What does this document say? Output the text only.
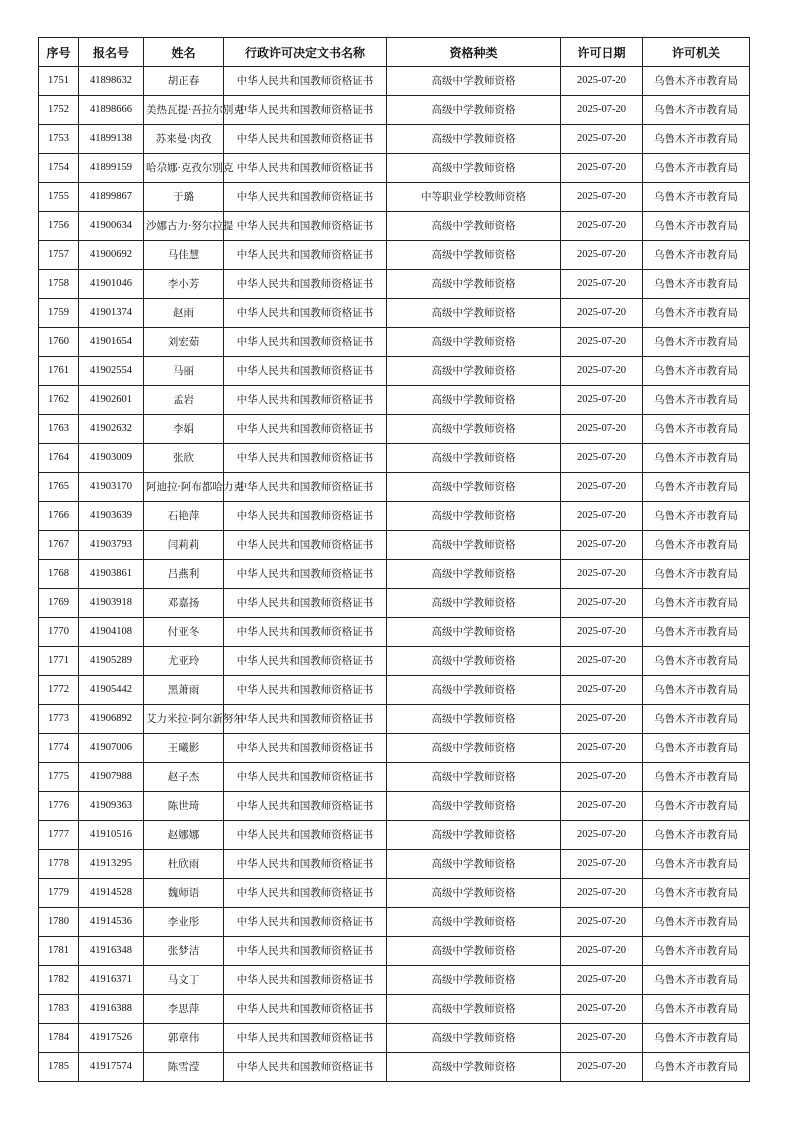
序号	报名号	姓名	行政许可决定文书名称	资格种类	许可日期	许可机关
1751	41898632	胡正春	中华人民共和国教师资格证书	高级中学教师资格	2025-07-20	乌鲁木齐市教育局
1752	41898666	美热瓦提·吾拉尔别克	中华人民共和国教师资格证书	高级中学教师资格	2025-07-20	乌鲁木齐市教育局
1753	41899138	苏来曼·肉孜	中华人民共和国教师资格证书	高级中学教师资格	2025-07-20	乌鲁木齐市教育局
1754	41899159	哈尕娜·克孜尔别克	中华人民共和国教师资格证书	高级中学教师资格	2025-07-20	乌鲁木齐市教育局
1755	41899867	于璐	中华人民共和国教师资格证书	中等职业学校教师资格	2025-07-20	乌鲁木齐市教育局
1756	41900634	沙娜古力·努尔拉提	中华人民共和国教师资格证书	高级中学教师资格	2025-07-20	乌鲁木齐市教育局
1757	41900692	马佳慧	中华人民共和国教师资格证书	高级中学教师资格	2025-07-20	乌鲁木齐市教育局
1758	41901046	李小芳	中华人民共和国教师资格证书	高级中学教师资格	2025-07-20	乌鲁木齐市教育局
1759	41901374	赵雨	中华人民共和国教师资格证书	高级中学教师资格	2025-07-20	乌鲁木齐市教育局
1760	41901654	刘宏茹	中华人民共和国教师资格证书	高级中学教师资格	2025-07-20	乌鲁木齐市教育局
1761	41902554	马丽	中华人民共和国教师资格证书	高级中学教师资格	2025-07-20	乌鲁木齐市教育局
1762	41902601	孟岩	中华人民共和国教师资格证书	高级中学教师资格	2025-07-20	乌鲁木齐市教育局
1763	41902632	李娟	中华人民共和国教师资格证书	高级中学教师资格	2025-07-20	乌鲁木齐市教育局
1764	41903009	张欣	中华人民共和国教师资格证书	高级中学教师资格	2025-07-20	乌鲁木齐市教育局
1765	41903170	阿迪拉·阿布都哈力克	中华人民共和国教师资格证书	高级中学教师资格	2025-07-20	乌鲁木齐市教育局
1766	41903639	石艳萍	中华人民共和国教师资格证书	高级中学教师资格	2025-07-20	乌鲁木齐市教育局
1767	41903793	闫莉莉	中华人民共和国教师资格证书	高级中学教师资格	2025-07-20	乌鲁木齐市教育局
1768	41903861	吕燕利	中华人民共和国教师资格证书	高级中学教师资格	2025-07-20	乌鲁木齐市教育局
1769	41903918	邓嘉扬	中华人民共和国教师资格证书	高级中学教师资格	2025-07-20	乌鲁木齐市教育局
1770	41904108	付亚冬	中华人民共和国教师资格证书	高级中学教师资格	2025-07-20	乌鲁木齐市教育局
1771	41905289	尤亚玲	中华人民共和国教师资格证书	高级中学教师资格	2025-07-20	乌鲁木齐市教育局
1772	41905442	黑萧雨	中华人民共和国教师资格证书	高级中学教师资格	2025-07-20	乌鲁木齐市教育局
1773	41906892	艾力米拉·阿尔新努尔	中华人民共和国教师资格证书	高级中学教师资格	2025-07-20	乌鲁木齐市教育局
1774	41907006	王曦影	中华人民共和国教师资格证书	高级中学教师资格	2025-07-20	乌鲁木齐市教育局
1775	41907988	赵子杰	中华人民共和国教师资格证书	高级中学教师资格	2025-07-20	乌鲁木齐市教育局
1776	41909363	陈世琦	中华人民共和国教师资格证书	高级中学教师资格	2025-07-20	乌鲁木齐市教育局
1777	41910516	赵娜娜	中华人民共和国教师资格证书	高级中学教师资格	2025-07-20	乌鲁木齐市教育局
1778	41913295	杜欣雨	中华人民共和国教师资格证书	高级中学教师资格	2025-07-20	乌鲁木齐市教育局
1779	41914528	魏师语	中华人民共和国教师资格证书	高级中学教师资格	2025-07-20	乌鲁木齐市教育局
1780	41914536	李业彤	中华人民共和国教师资格证书	高级中学教师资格	2025-07-20	乌鲁木齐市教育局
1781	41916348	张梦洁	中华人民共和国教师资格证书	高级中学教师资格	2025-07-20	乌鲁木齐市教育局
1782	41916371	马文丁	中华人民共和国教师资格证书	高级中学教师资格	2025-07-20	乌鲁木齐市教育局
1783	41916388	李思萍	中华人民共和国教师资格证书	高级中学教师资格	2025-07-20	乌鲁木齐市教育局
1784	41917526	郭章伟	中华人民共和国教师资格证书	高级中学教师资格	2025-07-20	乌鲁木齐市教育局
1785	41917574	陈雪滢	中华人民共和国教师资格证书	高级中学教师资格	2025-07-20	乌鲁木齐市教育局
